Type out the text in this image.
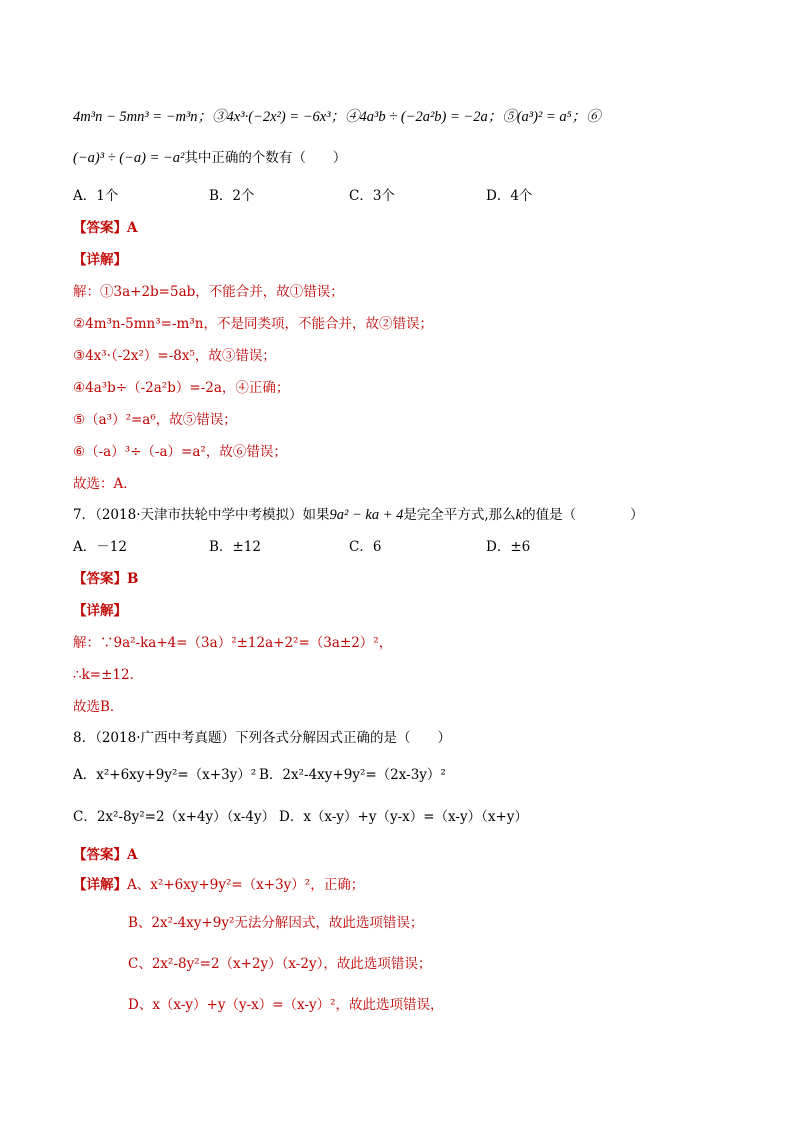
4m³n − 5mn³ = −m³n；③4x³·(−2x²) = −6x³；④4a³b ÷ (−2a²b) = −2a；⑤(a³)² = a⁵；⑥
(−a)³ ÷ (−a) = −a²其中正确的个数有（　　）
A．1个	B．2个	C．3个	D．4个
【答案】A
【详解】
解：①3a+2b=5ab，不能合并，故①错误；
②4m³n-5mn³=-m³n，不是同类项，不能合并，故②错误；
③4x³·（-2x²）=-8x⁵，故③错误；
④4a³b÷（-2a²b）=-2a，④正确；
⑤（a³）²=a⁶，故⑤错误；
⑥（-a）³÷（-a）=a²，故⑥错误；
故选：A．
7．（2018·天津市扶轮中学中考模拟）如果9a² − ka + 4是完全平方式,那么k的值是（　　　　）
A．－12	B．±12	C．6	D．±6
【答案】B
【详解】
解：∵9a²-ka+4=（3a）²±12a+2²=（3a±2）²，
∴k=±12．
故选B．
8．（2018·广西中考真题）下列各式分解因式正确的是（　　）
A．x²+6xy+9y²=（x+3y）² B．2x²-4xy+9y²=（2x-3y）²
C．2x²-8y²=2（x+4y）（x-4y） D．x（x-y）+y（y-x）=（x-y）（x+y）
【答案】A
【详解】A、x²+6xy+9y²=（x+3y）²，正确；
B、2x²-4xy+9y²无法分解因式，故此选项错误；
C、2x²-8y²=2（x+2y）（x-2y），故此选项错误；
D、x（x-y）+y（y-x）=（x-y）²，故此选项错误，
